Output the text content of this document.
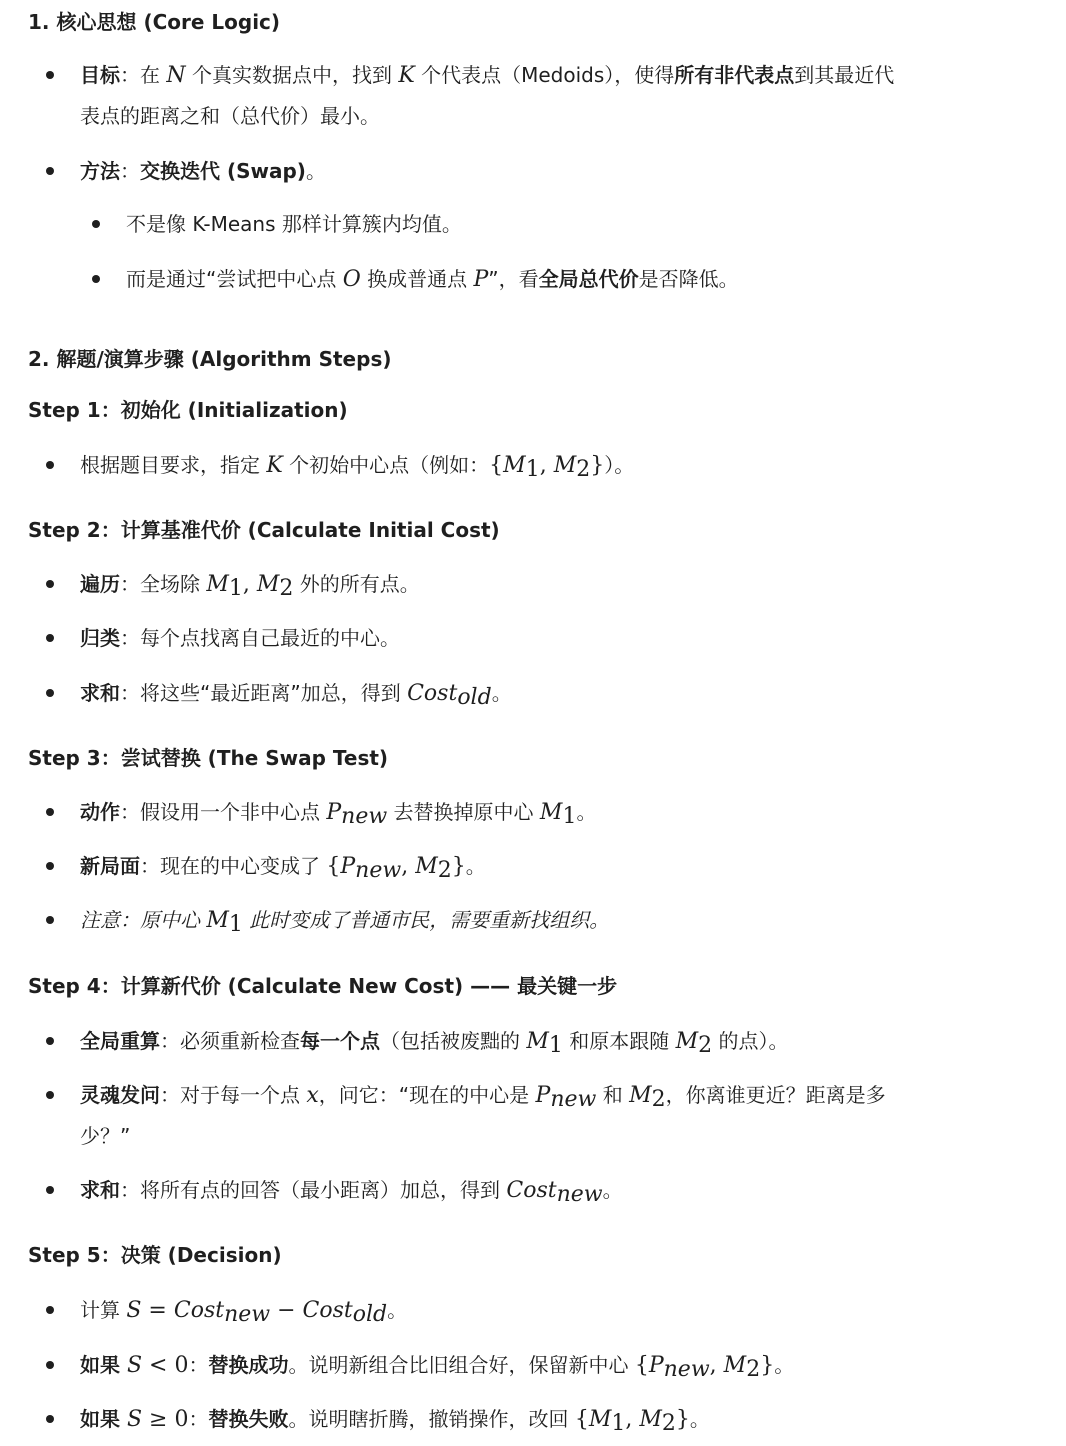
1. 核心思想 (Core Logic)
目标：在 N 个真实数据点中，找到 K 个代表点（Medoids），使得所有非代表点到其最近代
表点的距离之和（总代价）最小。
方法：交换迭代 (Swap)。
不是像 K-Means 那样计算簇内均值。
而是通过“尝试把中心点 O 换成普通点 P”，看全局总代价是否降低。
2. 解题/演算步骤 (Algorithm Steps)
Step 1：初始化 (Initialization)
根据题目要求，指定 K 个初始中心点（例如：{$M_1$, $M_2$}）。
Step 2：计算基准代价 (Calculate Initial Cost)
遍历：全场除 $M_1$, $M_2$ 外的所有点。
归类：每个点找离自己最近的中心。
求和：将这些“最近距离”加总，得到 Cost$_{old}$。
Step 3：尝试替换 (The Swap Test)
动作：假设用一个非中心点 $P_{new}$ 去替换掉原中心 $M_1$。
新局面：现在的中心变成了 {$P_{new}$, $M_2$}。
注意：原中心 $M_1$ 此时变成了普通市民，需要重新找组织。
Step 4：计算新代价 (Calculate New Cost) —— 最关键一步
全局重算：必须重新检查每一个点（包括被废黜的 $M_1$ 和原本跟随 $M_2$ 的点）。
灵魂发问：对于每一个点 x，问它：“现在的中心是 $P_{new}$ 和 $M_2$，你离谁更近？距离是多
少？”
求和：将所有点的回答（最小距离）加总，得到 Cost$_{new}$。
Step 5：决策 (Decision)
计算 S = Cost$_{new}$ − Cost$_{old}$。
如果 S < 0：替换成功。说明新组合比旧组合好，保留新中心 {$P_{new}$, $M_2$}。
如果 S ≥ 0：替换失败。说明瞎折腾，撤销操作，改回 {$M_1$, $M_2$}。
